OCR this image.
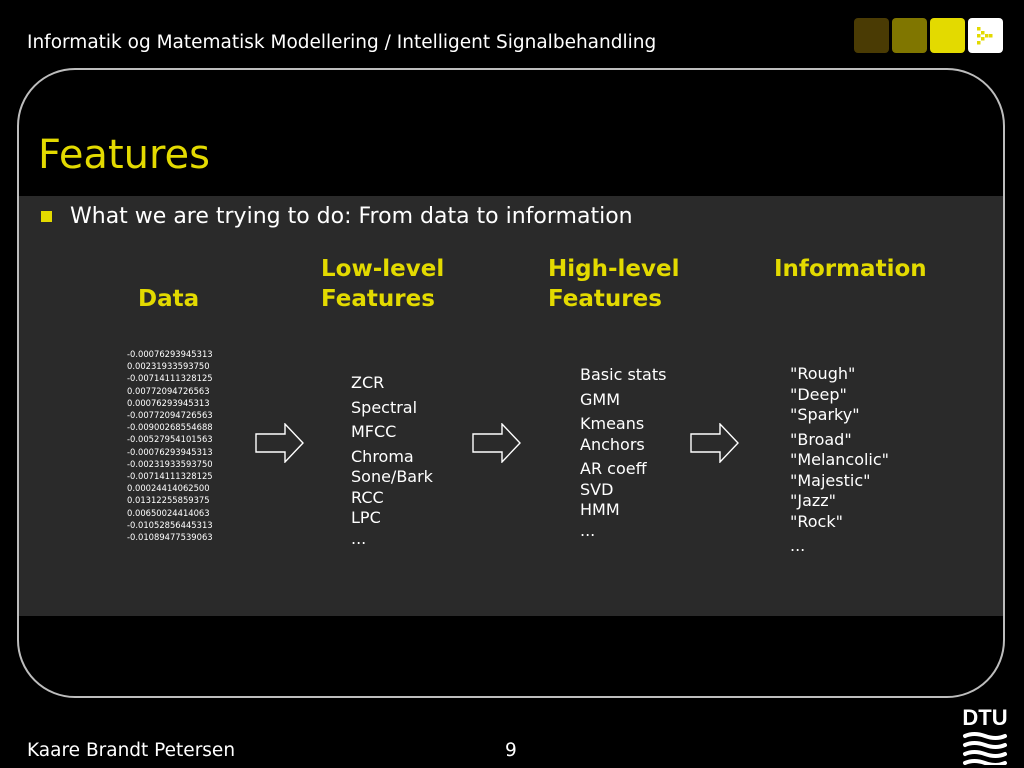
Informatik og Matematisk Modellering / Intelligent Signalbehandling
Features
What we are trying to do: From data to information
Data
Low-level
Features
High-level
Features
Information
-0.00076293945313
0.00231933593750
-0.00714111328125
0.00772094726563
0.00076293945313
-0.00772094726563
-0.00900268554688
-0.00527954101563
-0.00076293945313
-0.00231933593750
-0.00714111328125
0.00024414062500
0.01312255859375
0.00650024414063
-0.01052856445313
-0.01089477539063
ZCR
Spectral
MFCC
Chroma
Sone/Bark
RCC
LPC
...
Basic stats
GMM
Kmeans
Anchors
AR coeff
SVD
HMM
...
"Rough"
"Deep"
"Sparky"
"Broad"
"Melancolic"
"Majestic"
"Jazz"
"Rock"
...
Kaare Brandt Petersen	9
DTU
